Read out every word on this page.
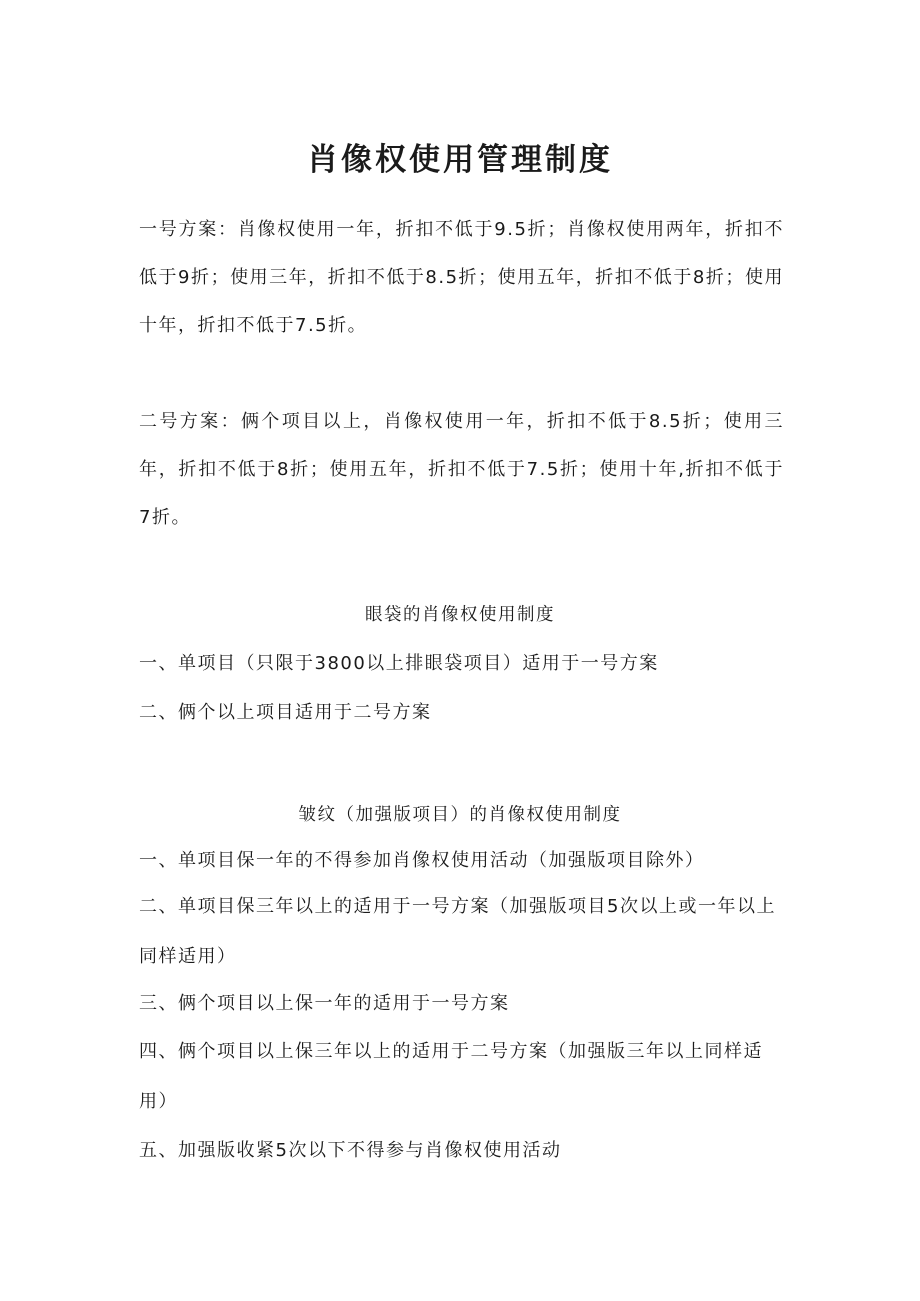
肖像权使用管理制度

一号方案：肖像权使用一年，折扣不低于9.5折；肖像权使用两年，折扣不低于9折；使用三年，折扣不低于8.5折；使用五年，折扣不低于8折；使用十年，折扣不低于7.5折。

二号方案：俩个项目以上，肖像权使用一年，折扣不低于8.5折；使用三年，折扣不低于8折；使用五年，折扣不低于7.5折；使用十年,折扣不低于7折。

眼袋的肖像权使用制度

一、单项目（只限于3800以上排眼袋项目）适用于一号方案

二、俩个以上项目适用于二号方案

皱纹（加强版项目）的肖像权使用制度

一、单项目保一年的不得参加肖像权使用活动（加强版项目除外）

二、单项目保三年以上的适用于一号方案（加强版项目5次以上或一年以上同样适用）

三、俩个项目以上保一年的适用于一号方案

四、俩个项目以上保三年以上的适用于二号方案（加强版三年以上同样适用）

五、加强版收紧5次以下不得参与肖像权使用活动
